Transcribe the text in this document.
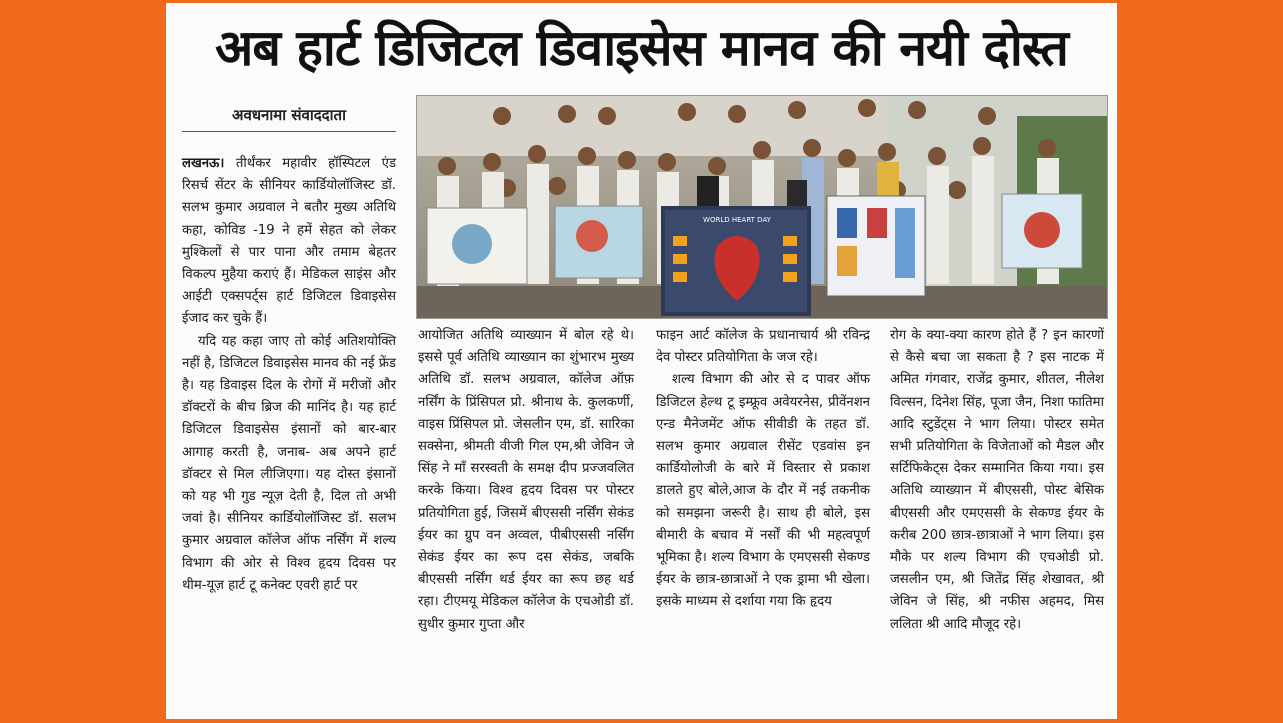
अब हार्ट डिजिटल डिवाइसेस मानव की नयी दोस्त
अवधनामा संवाददाता

लखनऊ। तीर्थंकर महावीर हॉस्पिटल एंड रिसर्च सेंटर के सीनियर कार्डियोलॉजिस्ट डॉ. सलभ कुमार अग्रवाल ने बतौर मुख्य अतिथि कहा, कोविड -19 ने हमें सेहत को लेकर मुश्किलों से पार पाना और तमाम बेहतर विकल्प मुहैया कराएं हैं। मेडिकल साइंस और आईटी एक्सपर्ट्स हार्ट डिजिटल डिवाइसेस ईजाद कर चुके हैं।

यदि यह कहा जाए तो कोई अतिशयोक्ति नहीं है, डिजिटल डिवाइसेस मानव की नई फ्रेंड है। यह डिवाइस दिल के रोगों में मरीजों और डॉक्टरों के बीच ब्रिज की मानिंद है। यह हार्ट डिजिटल डिवाइसेस इंसानों को बार-बार आगाह करती है, जनाब- अब अपने हार्ट डॉक्टर से मिल लीजिएगा। यह दोस्त इंसानों को यह भी गुड न्यूज़ देती है, दिल तो अभी जवां है। सीनियर कार्डियोलॉजिस्ट डॉ. सलभ कुमार अग्रवाल कॉलेज ऑफ नर्सिंग में शल्य विभाग की ओर से विश्व हृदय दिवस पर थीम-यूज़ हार्ट टू कनेक्ट एवरी हार्ट पर

WORLD HEART DAY

आयोजित अतिथि व्याख्यान में बोल रहे थे। इससे पूर्व अतिथि व्याख्यान का शुंभारभ मुख्य अतिथि डॉ. सलभ अग्रवाल, कॉलेज ऑफ़ नर्सिंग के प्रिंसिपल प्रो. श्रीनाथ के. कुलकर्णी, वाइस प्रिंसिपल प्रो. जेसलीन एम, डॉ. सारिका सक्सेना, श्रीमती वीजी गिल एम,श्री जेविन जे सिंह ने माँ सरस्वती के समक्ष दीप प्रज्जवलित करके किया। विश्व हृदय दिवस पर पोस्टर प्रतियोगिता हुई, जिसमें बीएससी नर्सिंग सेकंड ईयर का ग्रुप वन अव्वल, पीबीएससी नर्सिंग सेकंड ईयर का रूप दस सेकंड, जबकि बीएससी नर्सिंग थर्ड ईयर का रूप छह थर्ड रहा। टीएमयू मेडिकल कॉलेज के एचओडी डॉ. सुधीर कुमार गुप्ता और

फाइन आर्ट कॉलेज के प्रधानाचार्य श्री रविन्द्र देव पोस्टर प्रतियोगिता के जज रहे।

शल्य विभाग की ओर से द पावर ऑफ डिजिटल हेल्थ टू इम्फ्रूव अवेयरनेस, प्रीवेंनशन एन्ड मैनेजमेंट ऑफ सीवीडी के तहत डॉ. सलभ कुमार अग्रवाल रीसेंट एडवांस इन कार्डियोलोजी के बारे में विस्तार से प्रकाश डालते हुए बोले,आज के दौर में नई तकनीक को समझना जरूरी है। साथ ही बोले, इस बीमारी के बचाव में नर्सों की भी महत्वपूर्ण भूमिका है। शल्य विभाग के एमएससी सेकण्ड ईयर के छात्र-छात्राओं ने एक ड्रामा भी खेला। इसके माध्यम से दर्शाया गया कि हृदय

रोग के क्या-क्या कारण होते हैं ? इन कारणों से कैसे बचा जा सकता है ? इस नाटक में अमित गंगवार, राजेंद्र कुमार, शीतल, नीलेश विल्सन, दिनेश सिंह, पूजा जैन, निशा फातिमा आदि स्टुडेंट्स ने भाग लिया। पोस्टर समेत सभी प्रतियोगिता के विजेताओं को मैडल और सर्टिफिकेट्स देकर सम्मानित किया गया। इस अतिथि व्याख्यान में बीएससी, पोस्ट बेसिक बीएससी और एमएससी के सेकण्ड ईयर के करीब 200 छात्र-छात्राओं ने भाग लिया। इस मौके पर शल्य विभाग की एचओडी प्रो. जसलीन एम, श्री जितेंद्र सिंह शेखावत, श्री जेविन जे सिंह, श्री नफीस अहमद, मिस ललिता श्री आदि मौजूद रहे।
